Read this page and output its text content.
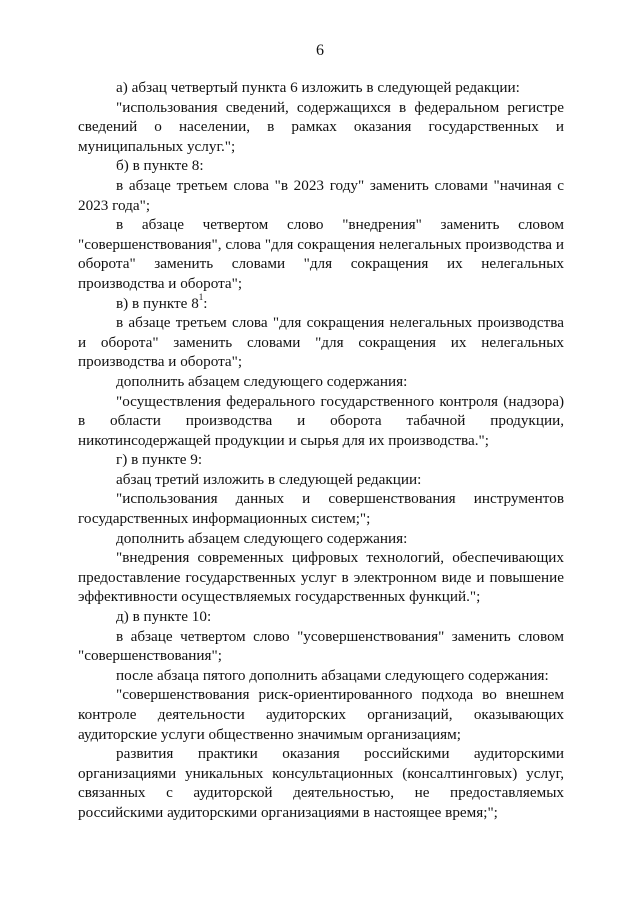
6

а) абзац четвертый пункта 6 изложить в следующей редакции:

"использования сведений, содержащихся в федеральном регистре сведений о населении, в рамках оказания государственных и муниципальных услуг.";

б) в пункте 8:

в абзаце третьем слова "в 2023 году" заменить словами "начиная с 2023 года";

в абзаце четвертом слово "внедрения" заменить словом "совершенствования", слова "для сокращения нелегальных производства и оборота" заменить словами "для сокращения их нелегальных производства и оборота";

в) в пункте $8^1$:

в абзаце третьем слова "для сокращения нелегальных производства и оборота" заменить словами "для сокращения их нелегальных производства и оборота";

дополнить абзацем следующего содержания:

"осуществления федерального государственного контроля (надзора) в области производства и оборота табачной продукции, никотинсодержащей продукции и сырья для их производства.";

г) в пункте 9:

абзац третий изложить в следующей редакции:

"использования данных и совершенствования инструментов государственных информационных систем;";

дополнить абзацем следующего содержания:

"внедрения современных цифровых технологий, обеспечивающих предоставление государственных услуг в электронном виде и повышение эффективности осуществляемых государственных функций.";

д) в пункте 10:

в абзаце четвертом слово "усовершенствования" заменить словом "совершенствования";

после абзаца пятого дополнить абзацами следующего содержания:

"совершенствования риск-ориентированного подхода во внешнем контроле деятельности аудиторских организаций, оказывающих аудиторские услуги общественно значимым организациям;

развития практики оказания российскими аудиторскими организациями уникальных консультационных (консалтинговых) услуг, связанных с аудиторской деятельностью, не предоставляемых российскими аудиторскими организациями в настоящее время;";
